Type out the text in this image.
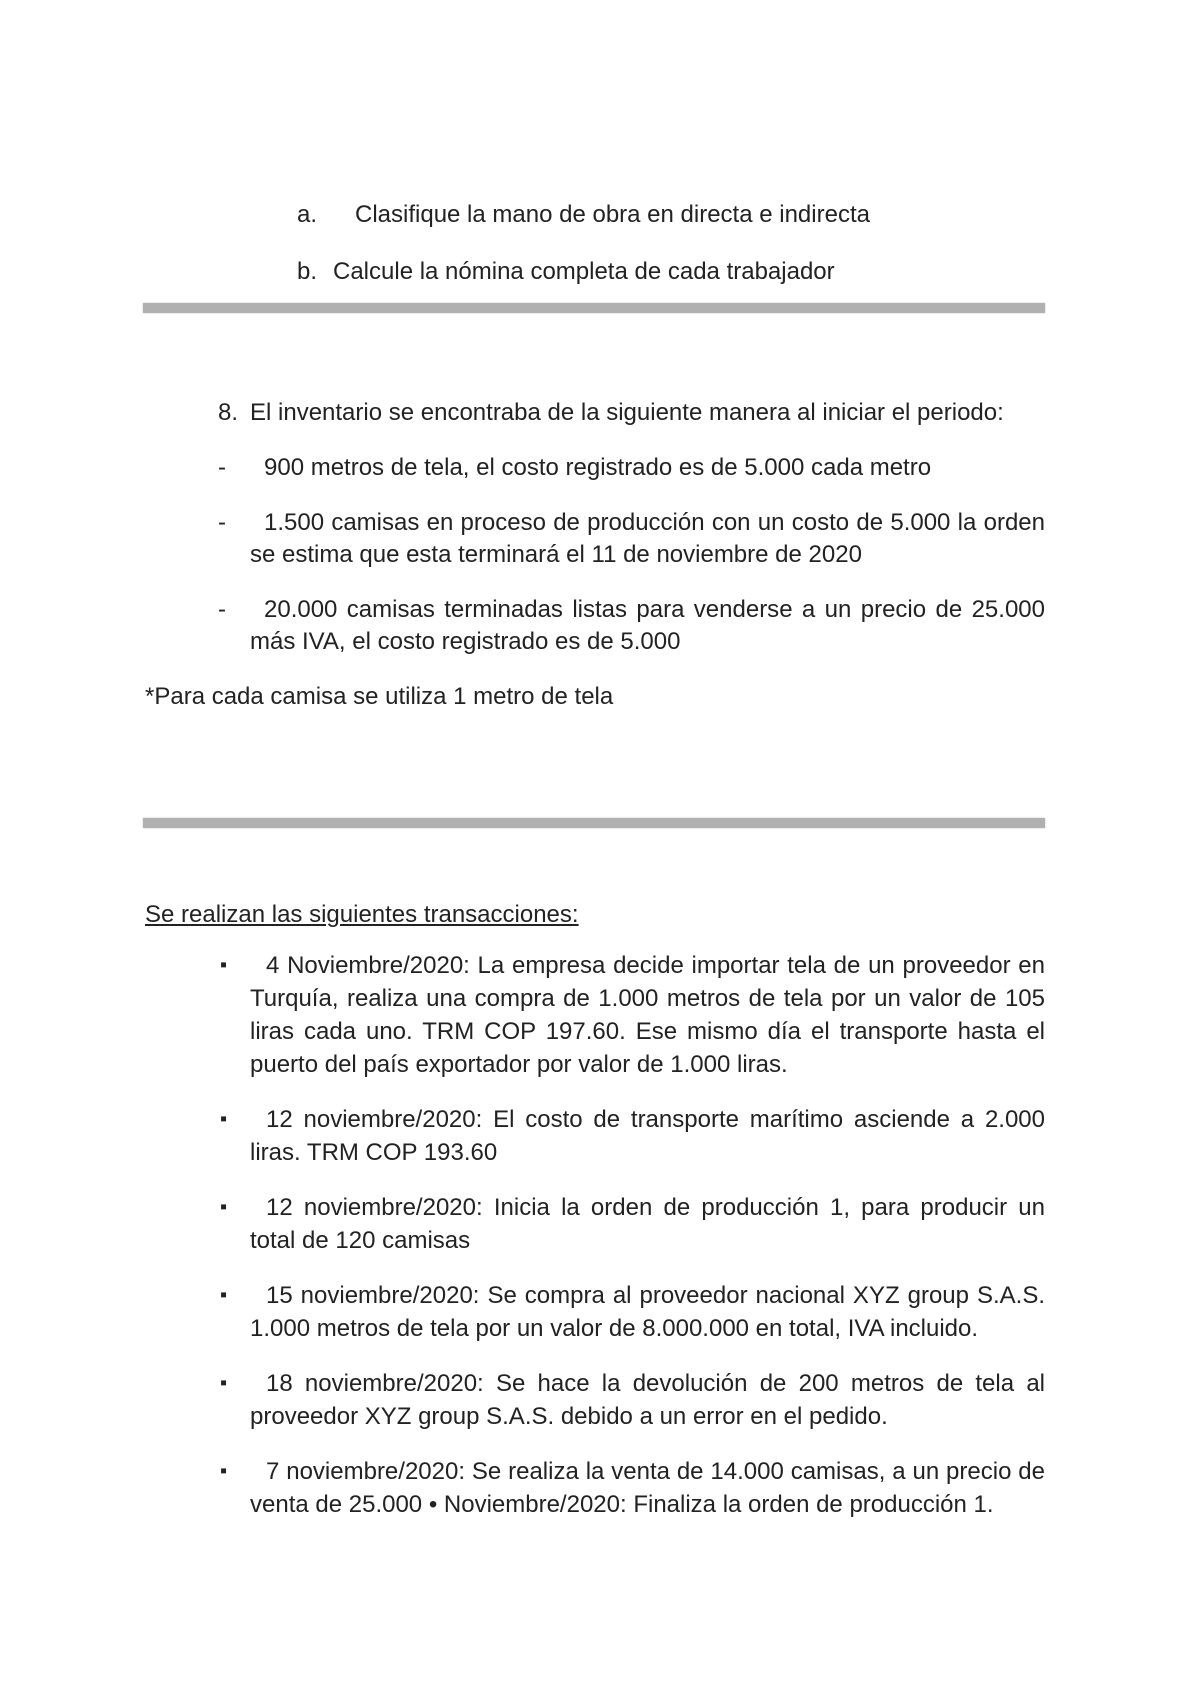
a. Clasifique la mano de obra en directa e indirecta
b. Calcule la nómina completa de cada trabajador
8. El inventario se encontraba de la siguiente manera al iniciar el periodo:
- 900 metros de tela, el costo registrado es de 5.000 cada metro
- 1.500 camisas en proceso de producción con un costo de 5.000 la orden se estima que esta terminará el 11 de noviembre de 2020
- 20.000 camisas terminadas listas para venderse a un precio de 25.000 más IVA, el costo registrado es de 5.000
*Para cada camisa se utiliza 1 metro de tela
Se realizan las siguientes transacciones:
▪ 4 Noviembre/2020: La empresa decide importar tela de un proveedor en Turquía, realiza una compra de 1.000 metros de tela por un valor de 105 liras cada uno. TRM COP 197.60. Ese mismo día el transporte hasta el puerto del país exportador por valor de 1.000 liras.
▪ 12 noviembre/2020: El costo de transporte marítimo asciende a 2.000 liras. TRM COP 193.60
▪ 12 noviembre/2020: Inicia la orden de producción 1, para producir un total de 120 camisas
▪ 15 noviembre/2020: Se compra al proveedor nacional XYZ group S.A.S. 1.000 metros de tela por un valor de 8.000.000 en total, IVA incluido.
▪ 18 noviembre/2020: Se hace la devolución de 200 metros de tela al proveedor XYZ group S.A.S. debido a un error en el pedido.
▪ 7 noviembre/2020: Se realiza la venta de 14.000 camisas, a un precio de venta de 25.000 • Noviembre/2020: Finaliza la orden de producción 1.
